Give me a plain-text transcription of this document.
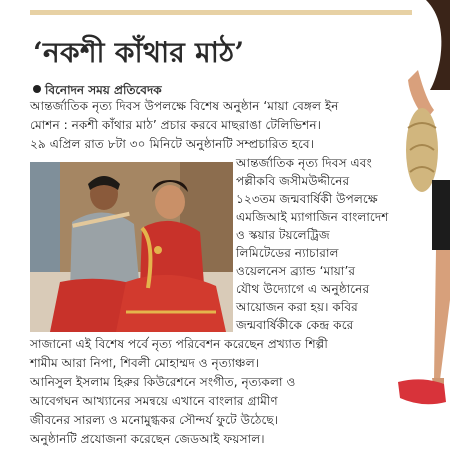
‘নকশী কাঁথার মাঠ’
বিনোদন সময় প্রতিবেদক
আন্তর্জাতিক নৃত্য দিবস উপলক্ষে বিশেষ অনুষ্ঠান ‘মায়া বেঙ্গল ইন
মোশন : নকশী কাঁথার মাঠ’ প্রচার করবে মাছরাঙা টেলিভিশন।
২৯ এপ্রিল রাত ৮টা ৩০ মিনিটে অনুষ্ঠানটি সম্প্রচারিত হবে।
আন্তর্জাতিক নৃত্য দিবস এবং
পল্লীকবি জসীমউদ্দীনের
১২৩তম জন্মবার্ষিকী উপলক্ষে
এমজিআই ম্যাগাজিন বাংলাদেশ
ও স্কয়ার টয়লেট্রিজ
লিমিটেডের ন্যাচারাল
ওয়েলনেস ব্র্যান্ড ‘মায়া’র
যৌথ উদ্যোগে এ অনুষ্ঠানের
আয়োজন করা হয়। কবির
জন্মবার্ষিকীকে কেন্দ্র করে
সাজানো এই বিশেষ পর্বে নৃত্য পরিবেশন করেছেন প্রখ্যাত শিল্পী
শামীম আরা নিপা, শিবলী মোহাম্মদ ও নৃত্যাঞ্চল।
আনিসুল ইসলাম হিরুর কিউরেশনে সংগীত, নৃত্যকলা ও
আবেগঘন আখ্যানের সমন্বয়ে এখানে বাংলার গ্রামীণ
জীবনের সারল্য ও মনোমুগ্ধকর সৌন্দর্য ফুটে উঠেছে।
অনুষ্ঠানটি প্রযোজনা করেছেন জেডআই ফয়সাল।
